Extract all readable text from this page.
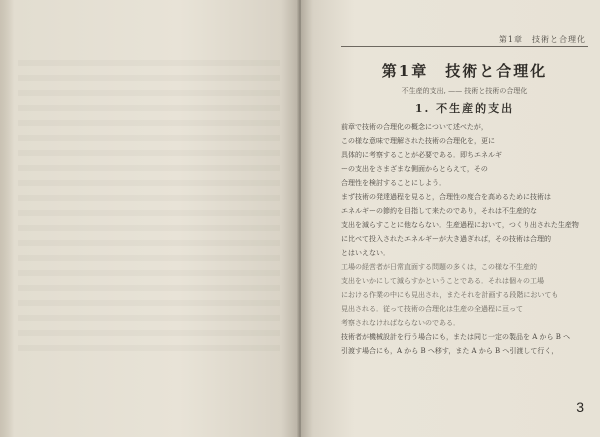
第1章　技術と合理化
第1章　技術と合理化
不生産的支出, —— 技術と技術の合理化
1. 不生産的支出

前章で技術の合理化の概念について述べたが，
この様な意味で理解された技術の合理化を，更に
具体的に考察することが必要である．即ちエネルギ
ーの支出をさまざまな側面からとらえて，その
合理性を検討することにしよう．

まず技術の発達過程を見ると，合理性の度合を高めるために技術は
エネルギーの節約を目指して来たのであり，それは不生産的な
支出を減らすことに他ならない．生産過程において，つくり出された生産物
に比べて投入されたエネルギーが大き過ぎれば，その技術は合理的
とはいえない．

工場の経営者が日常直面する問題の多くは，この様な不生産的
支出をいかにして減らすかということである．それは個々の工場
における作業の中にも見出され，またそれを計画する段階においても
見出される．従って技術の合理化は生産の全過程に亘って
考察されなければならないのである．

技術者が機械設計を行う場合にも，または同じ一定の製品を A から B へ
引渡す場合にも，A から B へ移す，また A から B へ引渡して行く，

3
